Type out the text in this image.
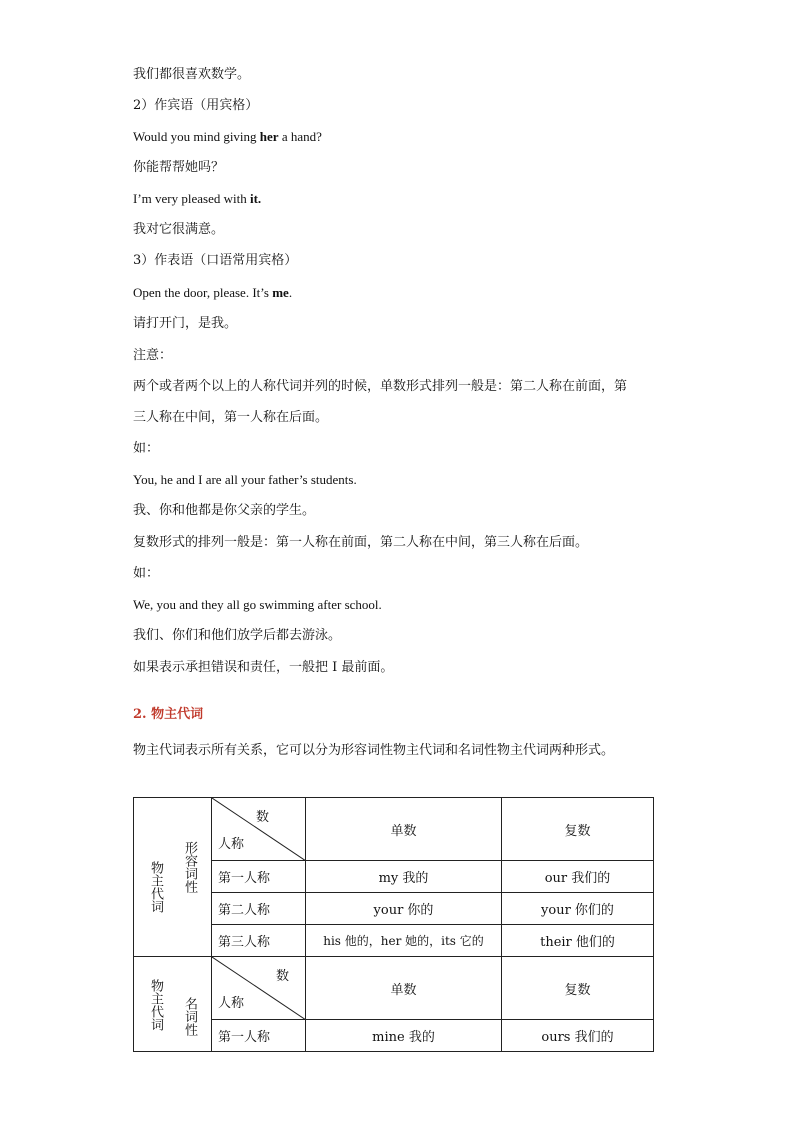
我们都很喜欢数学。
2）作宾语（用宾格）
Would you mind giving her a hand?
你能帮帮她吗？
I’m very pleased with it.
我对它很满意。
3）作表语（口语常用宾格）
Open the door, please. It’s me.
请打开门，是我。
注意：
两个或者两个以上的人称代词并列的时候，单数形式排列一般是：第二人称在前面，第
三人称在中间，第一人称在后面。
如：
You, he and I are all your father’s students.
我、你和他都是你父亲的学生。
复数形式的排列一般是：第一人称在前面，第二人称在中间，第三人称在后面。
如：
We, you and they all go swimming after school.
我们、你们和他们放学后都去游泳。
如果表示承担错误和责任，一般把 I 最前面。
2. 物主代词
物主代词表示所有关系，它可以分为形容词性物主代词和名词性物主代词两种形式。
物主代词 形容词性	数
人称	单数	复数
	第一人称	my 我的	our 我们的
	第二人称	your 你的	your 你们的
	第三人称	his 他的，her 她的，its 它的	their 他们的

物主代词 名词性	数
人称	单数	复数
	第一人称	mine 我的	ours 我们的
